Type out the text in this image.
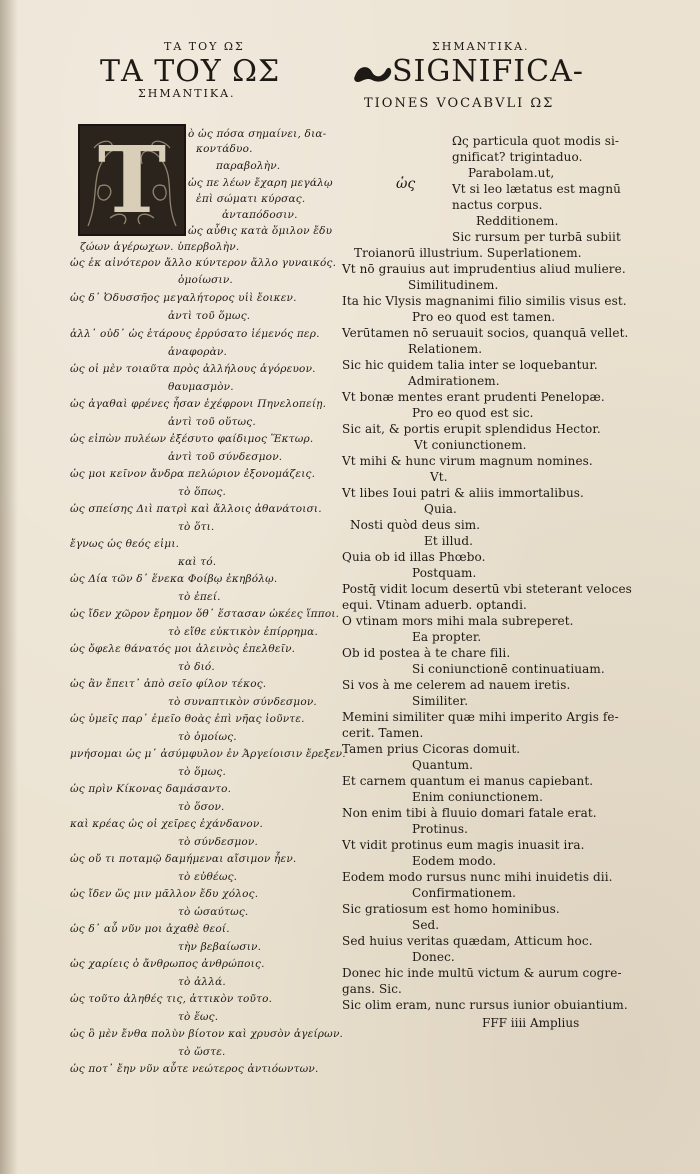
ΤΑ ΤΟΥ ΩΣ	ΣΗΜΑΝΤΙΚΑ.
ΤΑ ΤΟΥ ΩΣ	SIGNIFICA-
ΣΗΜΑΝΤΙΚΑ.
TIONES VOCABVLI ΩΣ
T	ὡς
ὸ ὡς πόσα σημαίνει, δια-
κοντάδυο.
παραβολὴν.
ὡς πε λέων ἔχαρη μεγάλῳ
ἐπὶ σώματι κύρσας.
ἀνταπόδοσιν.
ὡς αὖθις κατὰ ὅμιλον ἔδυ
ζώων ἀγέρωχων. ὑπερβολὴν.
ὡς ἐκ αἰνότερον ἄλλο κύντερον ἄλλο γυναικός.
ὁμοίωσιν.
ὡς δ᾽ Ὀδυσσῆος μεγαλήτορος υἱὶ ἔοικεν.
ἀντὶ τοῦ ὅμως.
ἀλλ᾽ οὐδ᾽ ὡς ἑτάρους ἐρρύσατο ἱέμενός περ.
ἀναφορὰν.
ὡς οἱ μὲν τοιαῦτα πρὸς ἀλλήλους ἀγόρευον.
θαυμασμὸν.
ὡς ἀγαθαὶ φρένες ἦσαν ἐχέφρονι Πηνελοπείῃ.
ἀντὶ τοῦ οὕτως.
ὡς εἰπὼν πυλέων ἐξέσυτο φαίδιμος Ἕκτωρ.
ἀντὶ τοῦ σύνδεσμον.
ὡς μοι κεῖνον ἄνδρα πελώριον ἐξονομάζεις.
τὸ ὅπως.
ὡς σπείσης Διὶ πατρὶ καὶ ἄλλοις ἀθανάτοισι.
τὸ ὅτι.
ἔγνως ὡς θεός εἰμι.
καὶ τό.
ὡς Δία τῶν δ᾽ ἕνεκα Φοίβῳ ἑκηβόλῳ.
τὸ ἐπεί.
ὡς ἴδεν χῶρον ἔρημον ὅθ᾽ ἕστασαν ὠκέες ἵπποι.
τὸ εἴθε εὐκτικὸν ἐπίρρημα.
ὡς ὄφελε θάνατός μοι ἀλεινὸς ἐπελθεῖν.
τὸ διό.
ὡς ἂν ἔπειτ᾽ ἀπὸ σεῖο φίλον τέκος.
τὸ συναπτικὸν σύνδεσμον.
ὡς ὑμεῖς παρ᾽ ἐμεῖο θοὰς ἐπὶ νῆας ἰοῦντε.
τὸ ὁμοίως.
μνήσομαι ὡς μ᾽ ἀσύμφυλον ἐν Ἀργείοισιν ἔρεξεν.
τὸ ὅμως.
ὡς πρὶν Κίκονας δαμάσαντο.
τὸ ὅσον.
καὶ κρέας ὡς οἱ χεῖρες ἐχάνδανον.
τὸ σύνδεσμον.
ὡς οὔ τι ποταμῷ δαμήμεναι αἴσιμον ἦεν.
τὸ εὐθέως.
ὡς ἴδεν ὥς μιν μᾶλλον ἔδυ χόλος.
τὸ ὡσαύτως.
ὡς δ᾽ αὖ νῦν μοι ἀχαθὲ θεοί.
τὴν βεβαίωσιν.
ὡς χαρίεις ὁ ἄνθρωπος ἀνθρώποις.
τὸ ἀλλά.
ὡς τοῦτο ἀληθές τις, ἀττικὸν τοῦτο.
τὸ ἕως.
ὡς ὃ μὲν ἔνθα πολὺν βίοτον καὶ χρυσὸν ἀγείρων.
τὸ ὥστε.
ὡς ποτ᾽ ἔην νῦν αὖτε νεώτερος ἀντιόωντων.
Ως particula quot modis si-
gnificat? trigintaduo.
Parabolam.ut,
Vt si leo lætatus est magnū
nactus corpus.
Redditionem.
Sic rursum per turbā subiit
Troianorū illustrium. Superlationem.
Vt nō grauius aut imprudentius aliud muliere.
Similitudinem.
Ita hic Vlysis magnanimi filio similis visus est.
Pro eo quod est tamen.
Verūtamen nō seruauit socios, quanquā vellet.
Relationem.
Sic hic quidem talia inter se loquebantur.
Admirationem.
Vt bonæ mentes erant prudenti Penelopæ.
Pro eo quod est sic.
Sic ait, & portis erupit splendidus Hector.
Vt coniunctionem.
Vt mihi & hunc virum magnum nomines.
Vt.
Vt libes Ioui patri & aliis immortalibus.
Quia.
Nosti quòd deus sim.
Et illud.
Quia ob id illas Phœbo.
Postquam.
Postq̄ vidit locum desertū vbi steterant veloces
equi. Vtinam aduerb. optandi.
O vtinam mors mihi mala subreperet.
Ea propter.
Ob id postea à te chare fili.
Si coniunctionē continuatiuam.
Si vos à me celerem ad nauem iretis.
Similiter.
Memini similiter quæ mihi imperito Argis fe-
cerit. Tamen.
Tamen prius Cicoras domuit.
Quantum.
Et carnem quantum ei manus capiebant.
Enim coniunctionem.
Non enim tibi à fluuio domari fatale erat.
Protinus.
Vt vidit protinus eum magis inuasit ira.
Eodem modo.
Eodem modo rursus nunc mihi inuidetis dii.
Confirmationem.
Sic gratiosum est homo hominibus.
Sed.
Sed huius veritas quædam, Atticum hoc.
Donec.
Donec hic inde multū victum & aurum cogre-
gans. Sic.
Sic olim eram, nunc rursus iunior obuiantium.
FFF iiii Amplius
